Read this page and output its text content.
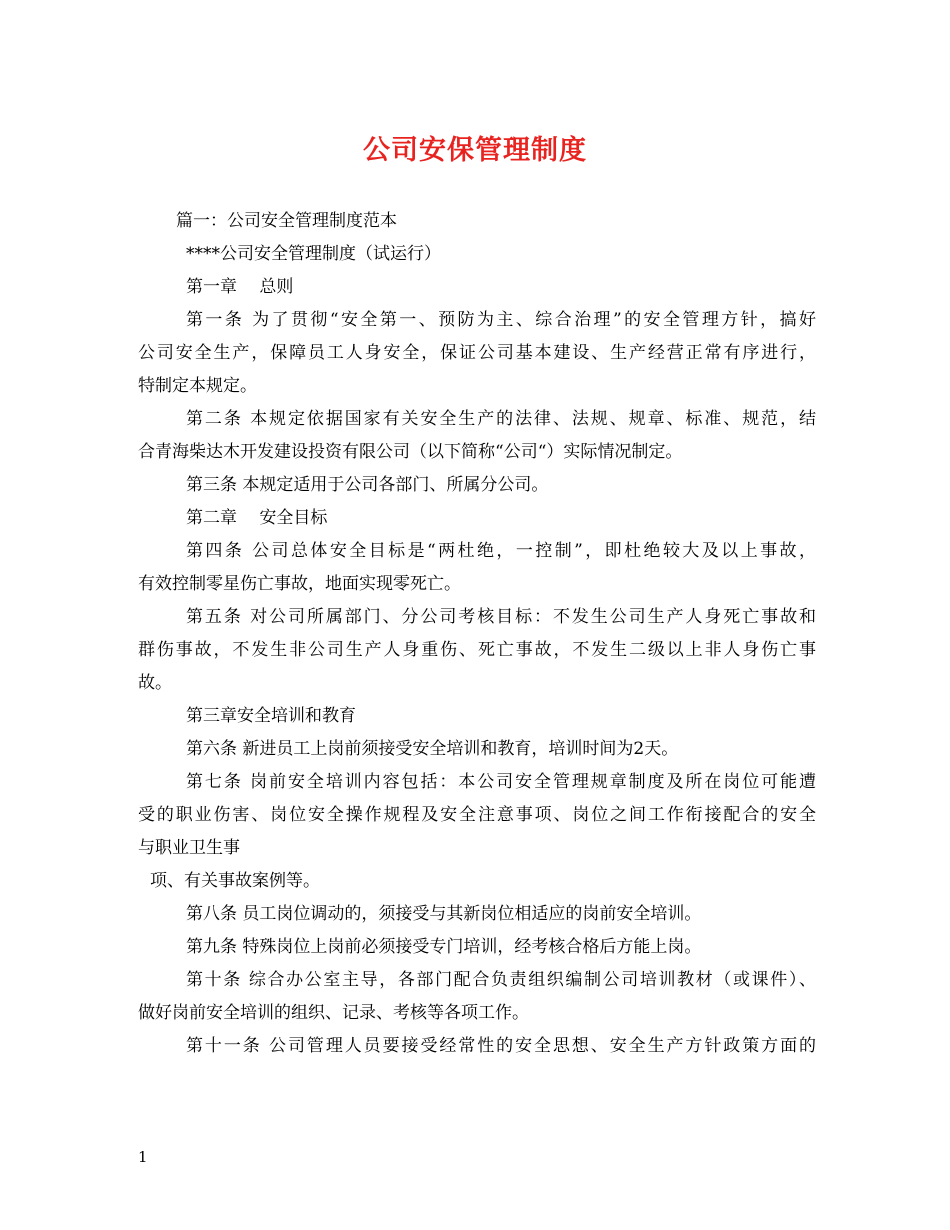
公司安保管理制度
篇一：公司安全管理制度范本
****公司安全管理制度（试运行）
第一章　 总则
第一条 为了贯彻“安全第一、预防为主、综合治理”的安全管理方针，搞好
公司安全生产，保障员工人身安全，保证公司基本建设、生产经营正常有序进行，
特制定本规定。
第二条 本规定依据国家有关安全生产的法律、法规、规章、标准、规范，结
合青海柴达木开发建设投资有限公司（以下简称“公司“）实际情况制定。
第三条 本规定适用于公司各部门、所属分公司。
第二章　 安全目标
第四条 公司总体安全目标是“两杜绝，一控制”，即杜绝较大及以上事故，
有效控制零星伤亡事故，地面实现零死亡。
第五条 对公司所属部门、分公司考核目标：不发生公司生产人身死亡事故和
群伤事故，不发生非公司生产人身重伤、死亡事故，不发生二级以上非人身伤亡事
故。
第三章安全培训和教育
第六条 新进员工上岗前须接受安全培训和教育，培训时间为2天。
第七条 岗前安全培训内容包括：本公司安全管理规章制度及所在岗位可能遭
受的职业伤害、岗位安全操作规程及安全注意事项、岗位之间工作衔接配合的安全
与职业卫生事
项、有关事故案例等。
第八条 员工岗位调动的，须接受与其新岗位相适应的岗前安全培训。
第九条 特殊岗位上岗前必须接受专门培训，经考核合格后方能上岗。
第十条 综合办公室主导，各部门配合负责组织编制公司培训教材（或课件）、
做好岗前安全培训的组织、记录、考核等各项工作。
第十一条 公司管理人员要接受经常性的安全思想、安全生产方针政策方面的
1
